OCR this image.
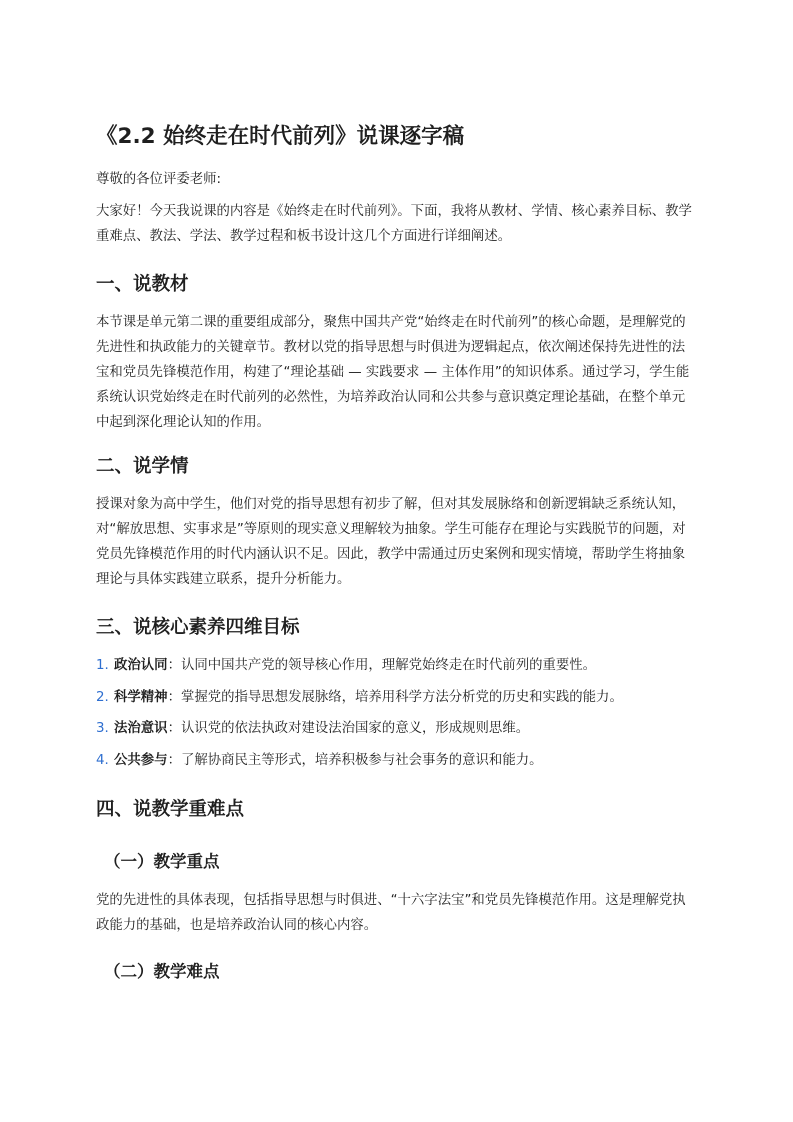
《2.2 始终走在时代前列》说课逐字稿

尊敬的各位评委老师:

大家好！今天我说课的内容是《始终走在时代前列》。下面，我将从教材、学情、核心素养目标、教学重难点、教法、学法、教学过程和板书设计这几个方面进行详细阐述。

一、说教材

本节课是单元第二课的重要组成部分，聚焦中国共产党“始终走在时代前列”的核心命题，是理解党的先进性和执政能力的关键章节。教材以党的指导思想与时俱进为逻辑起点，依次阐述保持先进性的法宝和党员先锋模范作用，构建了“理论基础 — 实践要求 — 主体作用”的知识体系。通过学习，学生能系统认识党始终走在时代前列的必然性，为培养政治认同和公共参与意识奠定理论基础，在整个单元中起到深化理论认知的作用。

二、说学情

授课对象为高中学生，他们对党的指导思想有初步了解，但对其发展脉络和创新逻辑缺乏系统认知，对“解放思想、实事求是”等原则的现实意义理解较为抽象。学生可能存在理论与实践脱节的问题，对党员先锋模范作用的时代内涵认识不足。因此，教学中需通过历史案例和现实情境，帮助学生将抽象理论与具体实践建立联系，提升分析能力。

三、说核心素养四维目标
1. 政治认同：认同中国共产党的领导核心作用，理解党始终走在时代前列的重要性。
2. 科学精神：掌握党的指导思想发展脉络，培养用科学方法分析党的历史和实践的能力。
3. 法治意识：认识党的依法执政对建设法治国家的意义，形成规则思维。
4. 公共参与：了解协商民主等形式，培养积极参与社会事务的意识和能力。
四、说教学重难点
（一）教学重点

党的先进性的具体表现，包括指导思想与时俱进、“十六字法宝”和党员先锋模范作用。这是理解党执政能力的基础，也是培养政治认同的核心内容。

（二）教学难点
